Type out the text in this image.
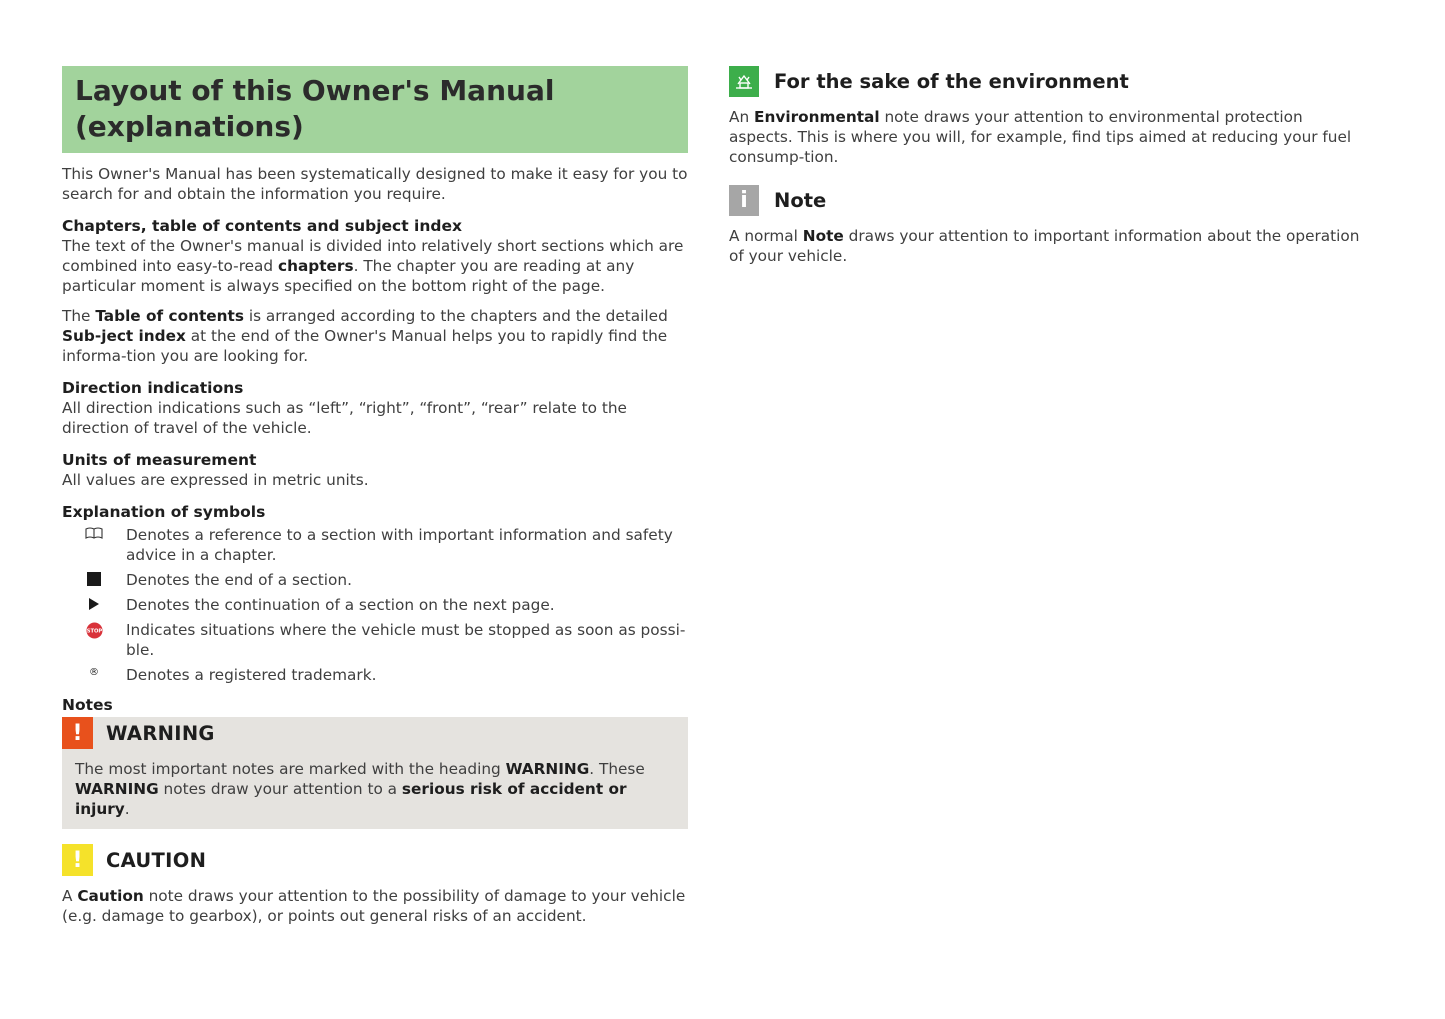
Layout of this Owner's Manual
(explanations)

This Owner's Manual has been systematically designed to make it easy for you to search for and obtain the information you require.

Chapters, table of contents and subject index

The text of the Owner's manual is divided into relatively short sections which are combined into easy-to-read chapters. The chapter you are reading at any particular moment is always specified on the bottom right of the page.

The Table of contents is arranged according to the chapters and the detailed Sub-ject index at the end of the Owner's Manual helps you to rapidly find the informa-tion you are looking for.

Direction indications

All direction indications such as “left”, “right”, “front”, “rear” relate to the direction of travel of the vehicle.

Units of measurement

All values are expressed in metric units.

Explanation of symbols

Denotes a reference to a section with important information and safety advice in a chapter.

Denotes the end of a section.

Denotes the continuation of a section on the next page.

STOP Indicates situations where the vehicle must be stopped as soon as possi-ble.

®	Denotes a registered trademark.

Notes
!	WARNING

The most important notes are marked with the heading WARNING. These
WARNING notes draw your attention to a serious risk of accident or injury.

!	CAUTION

A Caution note draws your attention to the possibility of damage to your vehicle (e.g. damage to gearbox), or points out general risks of an accident.

For the sake of the environment

An Environmental note draws your attention to environmental protection aspects. This is where you will, for example, find tips aimed at reducing your fuel consump-tion.

i	Note

A normal Note draws your attention to important information about the operation of your vehicle.
